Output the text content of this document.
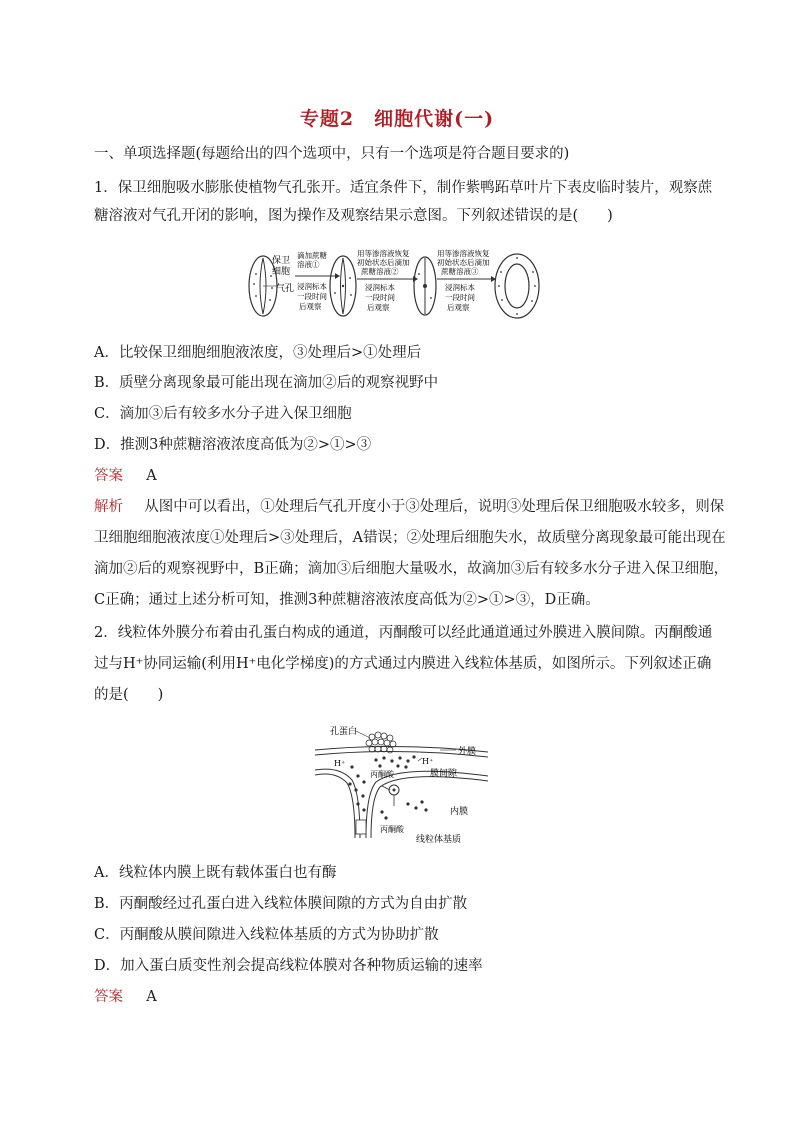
专题2　细胞代谢(一)
一、单项选择题(每题给出的四个选项中，只有一个选项是符合题目要求的)
1．保卫细胞吸水膨胀使植物气孔张开。适宜条件下，制作紫鸭跖草叶片下表皮临时装片，观察蔗
糖溶液对气孔开闭的影响，图为操作及观察结果示意图。下列叙述错误的是(　　)
保卫
细胞
气孔
滴加蔗糖
溶液①
浸润标本
一段时间
后观察
用等渗溶液恢复
初始状态后滴加
蔗糖溶液②
浸润标本
一段时间
后观察
用等渗溶液恢复
初始状态后滴加
蔗糖溶液③
浸润标本
一段时间
后观察
A．比较保卫细胞细胞液浓度，③处理后>①处理后
B．质壁分离现象最可能出现在滴加②后的观察视野中
C．滴加③后有较多水分子进入保卫细胞
D．推测3种蔗糖溶液浓度高低为②>①>③
答案 A
解析 从图中可以看出，①处理后气孔开度小于③处理后，说明③处理后保卫细胞吸水较多，则保
卫细胞细胞液浓度①处理后>③处理后，A错误；②处理后细胞失水，故质壁分离现象最可能出现在
滴加②后的观察视野中，B正确；滴加③后细胞大量吸水，故滴加③后有较多水分子进入保卫细胞，
C正确；通过上述分析可知，推测3种蔗糖溶液浓度高低为②>①>③，D正确。
2．线粒体外膜分布着由孔蛋白构成的通道，丙酮酸可以经此通道通过外膜进入膜间隙。丙酮酸通
过与H⁺协同运输(利用H⁺电化学梯度)的方式通过内膜进入线粒体基质，如图所示。下列叙述正确
的是(　　)
孔蛋白
外膜
H⁺	H⁺
丙酮酸	膜间隙
内膜
丙酮酸
线粒体基质
A．线粒体内膜上既有载体蛋白也有酶
B．丙酮酸经过孔蛋白进入线粒体膜间隙的方式为自由扩散
C．丙酮酸从膜间隙进入线粒体基质的方式为协助扩散
D．加入蛋白质变性剂会提高线粒体膜对各种物质运输的速率
答案 A
